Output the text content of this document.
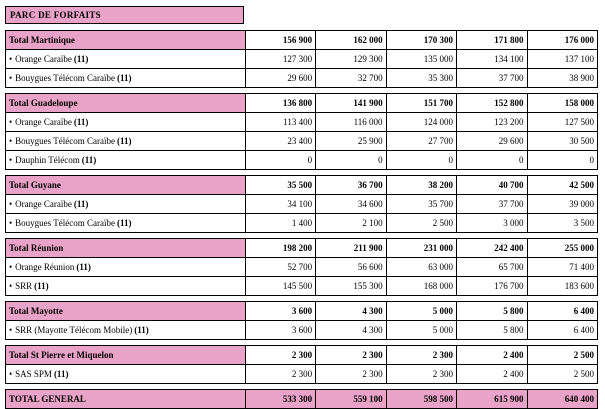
PARC DE FORFAITS
Total Martinique	156 900	162 000	170 300	171 800	176 000
• Orange Caraïbe (11)	127 300	129 300	135 000	134 100	137 100
• Bouygues Télécom Caraïbe (11)	29 600	32 700	35 300	37 700	38 900
Total Guadeloupe	136 800	141 900	151 700	152 800	158 000
• Orange Caraïbe (11)	113 400	116 000	124 000	123 200	127 500
• Bouygues Télécom Caraïbe (11)	23 400	25 900	27 700	29 600	30 500
• Dauphin Télécom (11)	0	0	0	0	0
Total Guyane	35 500	36 700	38 200	40 700	42 500
• Orange Caraïbe (11)	34 100	34 600	35 700	37 700	39 000
• Bouygues Télécom Caraïbe (11)	1 400	2 100	2 500	3 000	3 500
Total Réunion	198 200	211 900	231 000	242 400	255 000
• Orange Réunion (11)	52 700	56 600	63 000	65 700	71 400
• SRR (11)	145 500	155 300	168 000	176 700	183 600
Total Mayotte	3 600	4 300	5 000	5 800	6 400
• SRR (Mayotte Télécom Mobile) (11)	3 600	4 300	5 000	5 800	6 400
Total St Pierre et Miquelon	2 300	2 300	2 300	2 400	2 500
• SAS SPM (11)	2 300	2 300	2 300	2 400	2 500
TOTAL GENERAL	533 300	559 100	598 500	615 900	640 400
